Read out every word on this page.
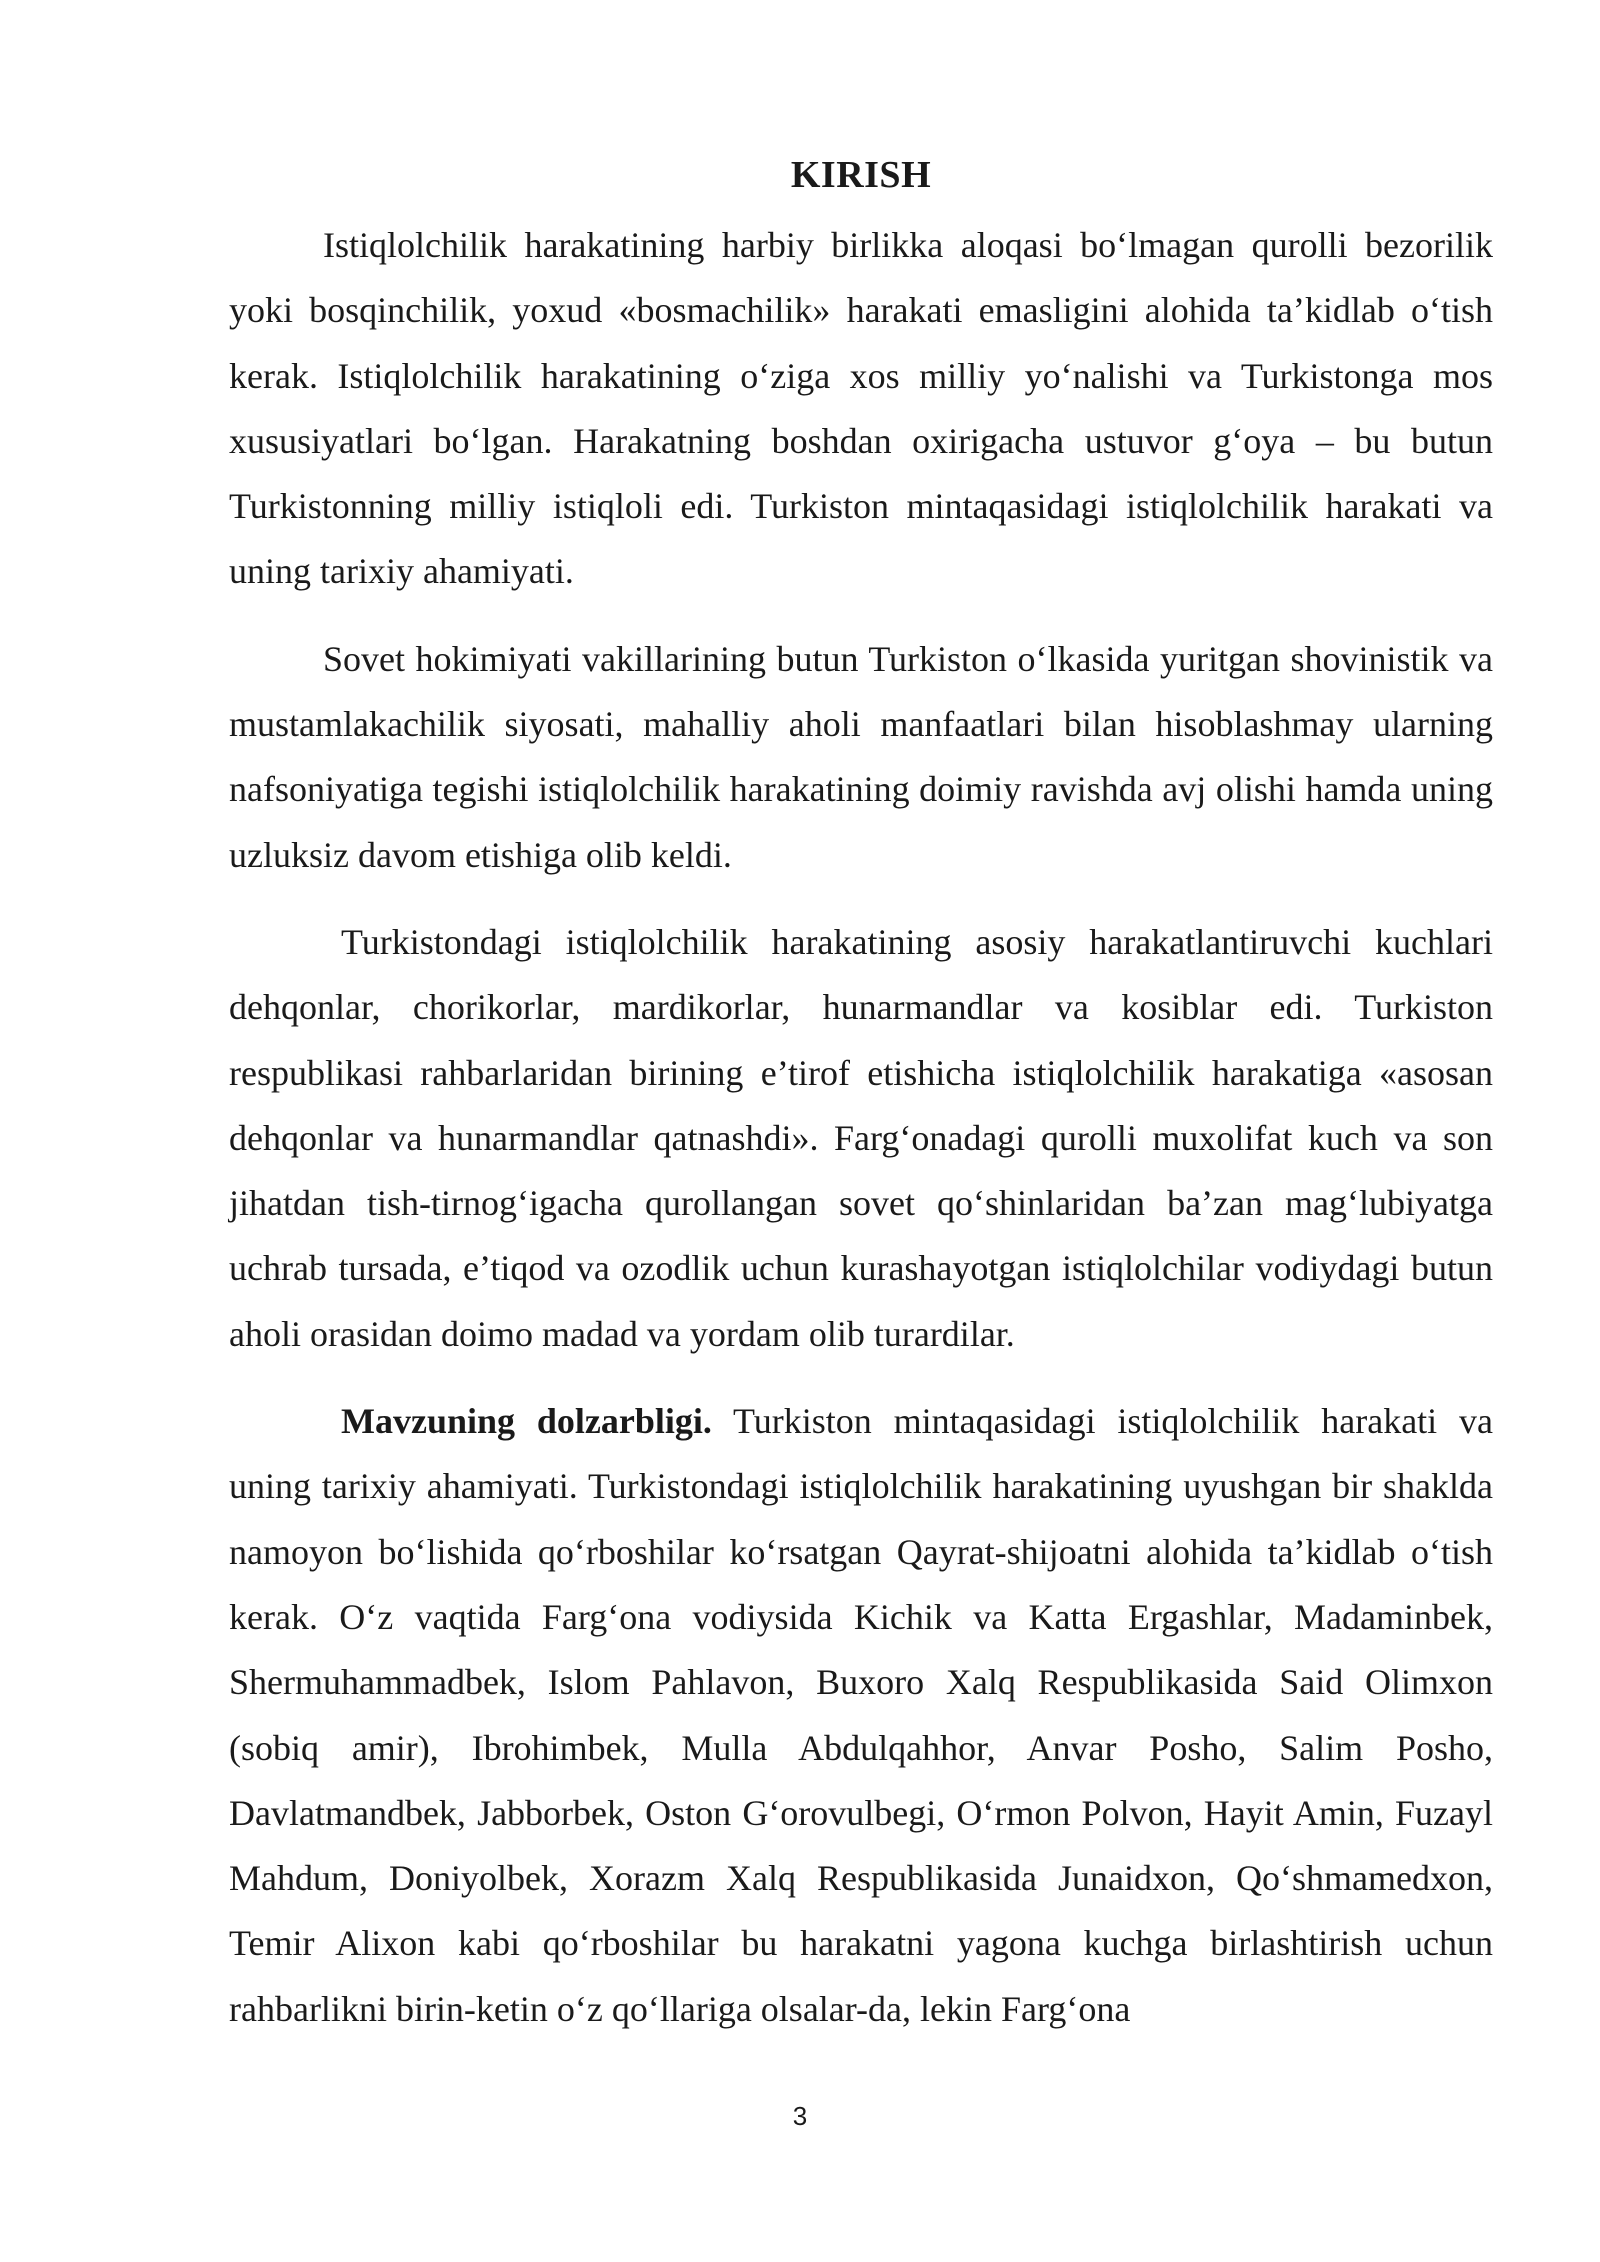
KIRISH

Istiqlolchilik harakatining harbiy birlikka aloqasi boʻlmagan qurolli bezorilik yoki bosqinchilik, yoxud «bosmachilik» harakati emasligini alohida ta’kidlab oʻtish kerak. Istiqlolchilik harakatining oʻziga xos milliy yoʻnalishi va Turkistonga mos xususiyatlari boʻlgan. Harakatning boshdan oxirigacha ustuvor gʻoya – bu butun Turkistonning milliy istiqloli edi. Turkiston mintaqasidagi istiqlolchilik harakati va uning tarixiy ahamiyati.

Sovet hokimiyati vakillarining butun Turkiston oʻlkasida yuritgan shovinistik va mustamlakachilik siyosati, mahalliy aholi manfaatlari bilan hisoblashmay ularning nafsoniyatiga tegishi istiqlolchilik harakatining doimiy ravishda avj olishi hamda uning uzluksiz davom etishiga olib keldi.

Turkistondagi istiqlolchilik harakatining asosiy harakatlantiruvchi kuchlari dehqonlar, chorikorlar, mardikorlar, hunarmandlar va kosiblar edi. Turkiston respublikasi rahbarlaridan birining e’tirof etishicha istiqlolchilik harakatiga «asosan dehqonlar va hunarmandlar qatnashdi». Fargʻonadagi qurolli muxolifat kuch va son jihatdan tish-tirnogʻigacha qurollangan sovet qoʻshinlaridan ba’zan magʻlubiyatga uchrab tursada, e’tiqod va ozodlik uchun kurashayotgan istiqlolchilar vodiydagi butun aholi orasidan doimo madad va yordam olib turardilar.

Mavzuning dolzarbligi. Turkiston mintaqasidagi istiqlolchilik harakati va uning tarixiy ahamiyati. Turkistondagi istiqlolchilik harakatining uyushgan bir shaklda namoyon boʻlishida qoʻrboshilar koʻrsatgan Qayrat-shijoatni alohida ta’kidlab oʻtish kerak. Oʻz vaqtida Fargʻona vodiysida Kichik va Katta Ergashlar, Madaminbek, Shermuhammadbek, Islom Pahlavon, Buxoro Xalq Respublikasida Said Olimxon (sobiq amir), Ibrohimbek, Mulla Abdulqahhor, Anvar Posho, Salim Posho, Davlatmandbek, Jabborbek, Oston Gʻorovulbegi, Oʻrmon Polvon, Hayit Amin, Fuzayl Mahdum, Doniyolbek, Xorazm Xalq Respublikasida Junaidxon, Qoʻshmamedxon, Temir Alixon kabi qoʻrboshilar bu harakatni yagona kuchga birlashtirish uchun rahbarlikni birin-ketin oʻz qoʻllariga olsalar-da, lekin Fargʻona

3
